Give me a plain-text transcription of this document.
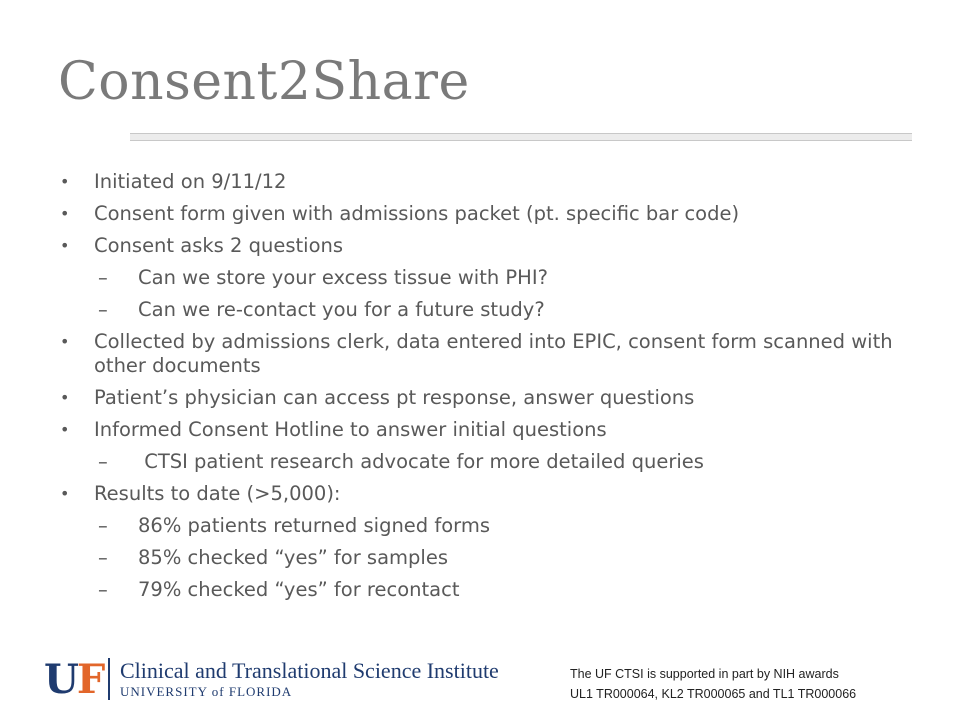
Consent2Share
•	Initiated on 9/11/12
•	Consent form given with admissions packet (pt. specific bar code)
•	Consent asks 2 questions
–	Can we store your excess tissue with PHI?
–	Can we re-contact you for a future study?
•	Collected by admissions clerk, data entered into EPIC, consent form scanned with other documents
•	Patient’s physician can access pt response, answer questions
•	Informed Consent Hotline to answer initial questions
–	CTSI patient research advocate for more detailed queries
•	Results to date (>5,000):
–	86% patients returned signed forms
–	85% checked “yes” for samples
–	79% checked “yes” for recontact
UF Clinical and Translational Science Institute
UNIVERSITY of FLORIDA
The UF CTSI is supported in part by NIH awards
UL1 TR000064, KL2 TR000065 and TL1 TR000066
